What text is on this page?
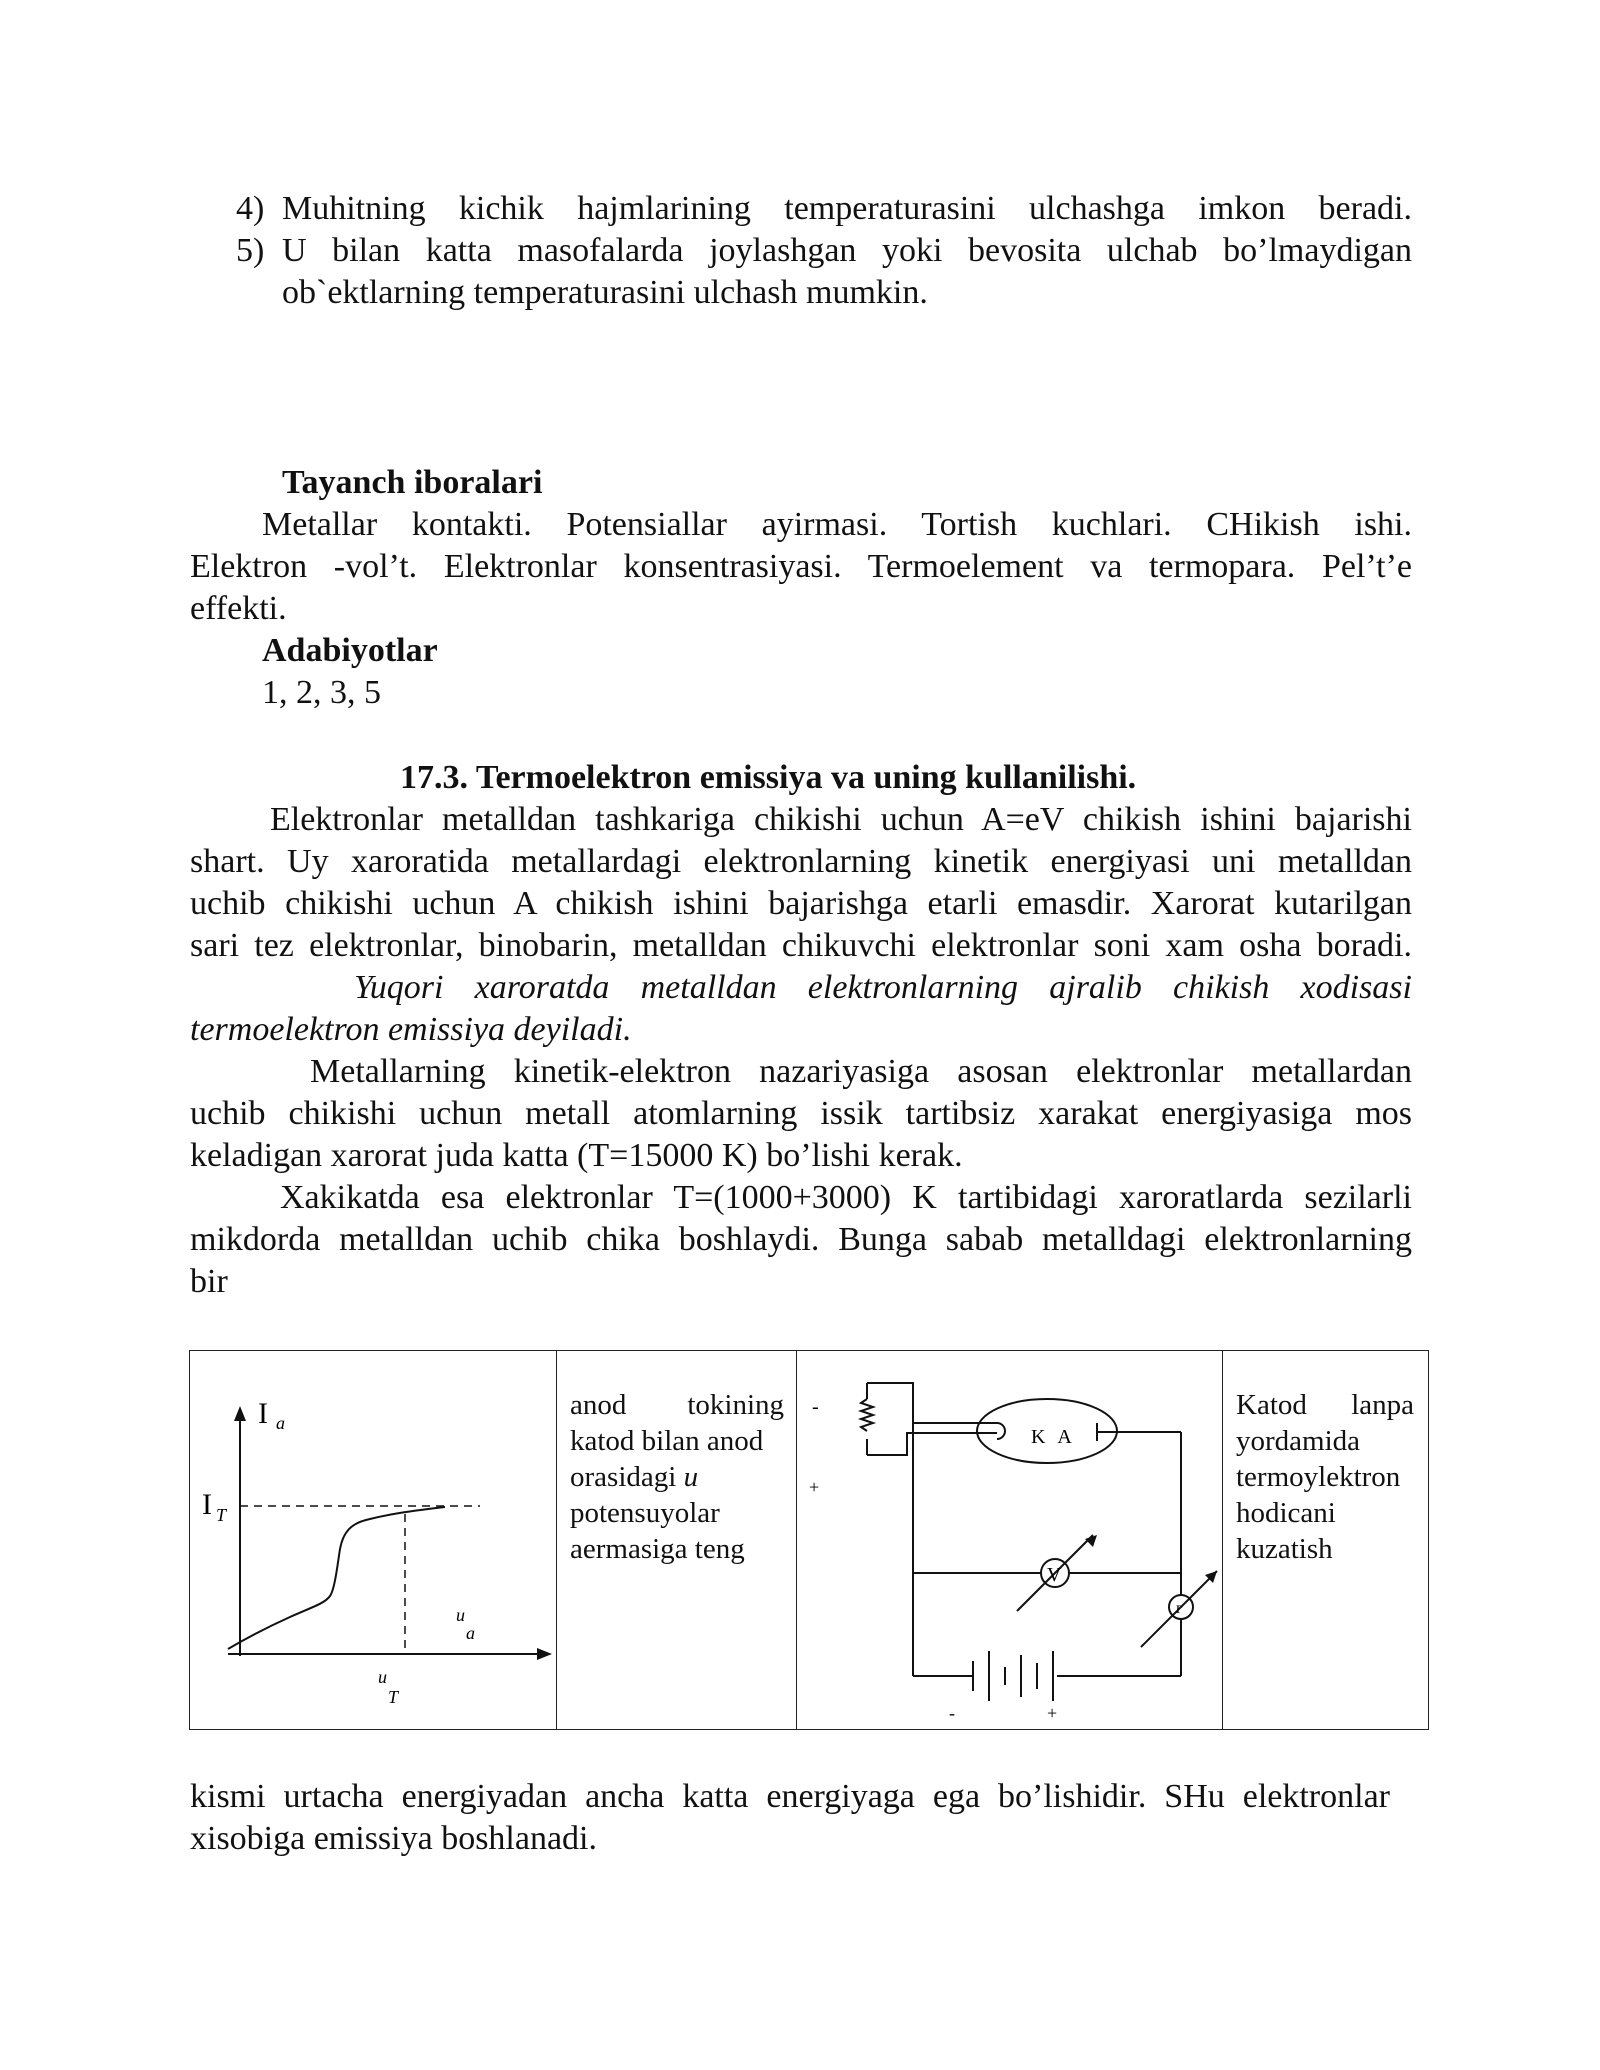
4) Muhitning kichik hajmlarining temperaturasini ulchashga imkon beradi.
5) U bilan katta masofalarda joylashgan yoki bevosita ulchab bo’lmaydigan
ob`ektlarning temperaturasini ulchash mumkin.
Tayanch iboralari
Metallar kontakti. Potensiallar ayirmasi. Tortish kuchlari. CHikish ishi.
Elektron -vol’t. Elektronlar konsentrasiyasi. Termoelement va termopara. Pel’t’e
effekti.
Adabiyotlar
1, 2, 3, 5
17.3. Termoelektron emissiya va uning kullanilishi.
Elektronlar metalldan tashkariga chikishi uchun A=eV chikish ishini bajarishi
shart. Uy xaroratida metallardagi elektronlarning kinetik energiyasi uni metalldan
uchib chikishi uchun A chikish ishini bajarishga etarli emasdir. Xarorat kutarilgan
sari tez elektronlar, binobarin, metalldan chikuvchi elektronlar soni xam osha boradi.
Yuqori xaroratda metalldan elektronlarning ajralib chikish xodisasi
termoelektron emissiya deyiladi.
Metallarning kinetik-elektron nazariyasiga asosan elektronlar metallardan
uchib chikishi uchun metall atomlarning issik tartibsiz xarakat energiyasiga mos
keladigan xarorat juda katta (T=15000 K) bo’lishi kerak.
Xakikatda esa elektronlar T=(1000+3000) K tartibidagi xaroratlarda sezilarli
mikdorda metalldan uchib chika boshlaydi. Bunga sabab metalldagi elektronlarning
bir
I a
I T
u
a
u
T
anod tokining
katod bilan anod
orasidagi u
potensuyolar
aermasiga teng
-
+
K A
V
г
-	+
Katod lanpa
yordamida
termoylektron
hodicani
kuzatish
kismi urtacha energiyadan ancha katta energiyaga ega bo’lishidir. SHu elektronlar
xisobiga emissiya boshlanadi.
